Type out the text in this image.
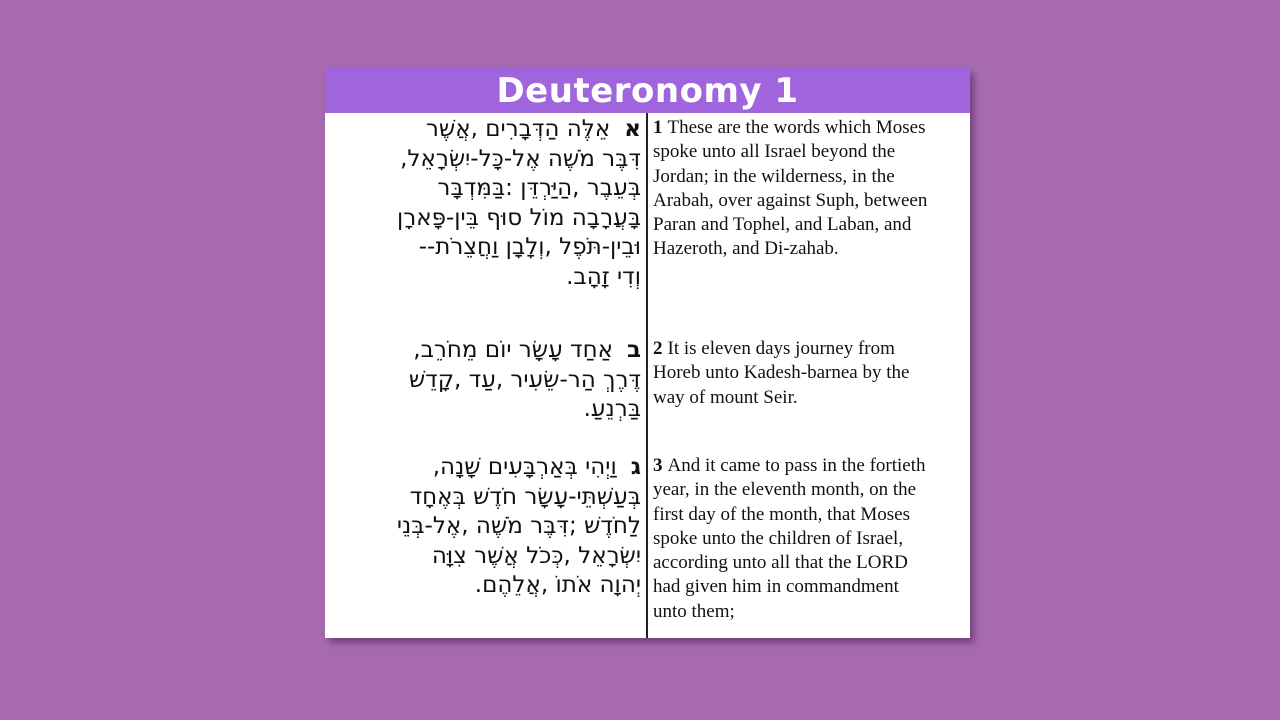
Deuteronomy 1
אאֵלֶּה הַדְּבָרִים ,אֲשֶׁר
דִּבֶּר מֹשֶׁה אֶל-כָּל-יִשְׂרָאֵל,
בְּעֵבֶר ,הַיַּרְדֵּן :בַּמִּדְבָּר
בָּעֲרָבָה מוֹל סוּף בֵּין-פָּארָן
וּבֵין-תֹּפֶל ,וְלָבָן וַחֲצֵרֹת--
וְדִי זָהָב.
1 These are the words which Moses
spoke unto all Israel beyond the
Jordan; in the wilderness, in the
Arabah, over against Suph, between
Paran and Tophel, and Laban, and
Hazeroth, and Di-zahab.
באַחַד עָשָׂר יוֹם מֵחֹרֵב,
דֶּרֶךְ הַר-שֵׂעִיר ,עַד ,קָדֵשׁ
בַּרְנֵעַ.
2 It is eleven days journey from
Horeb unto Kadesh-barnea by the
way of mount Seir.
גוַיְהִי בְּאַרְבָּעִים שָׁנָה,
בְּעַשְׁתֵּי-עָשָׂר חֹדֶשׁ בְּאֶחָד
לַחֹדֶשׁ ;דִּבֶּר מֹשֶׁה ,אֶל-בְּנֵי
יִשְׂרָאֵל ,כְּכֹל אֲשֶׁר צִוָּה
יְהוָה אֹתוֹ ,אֲלֵהֶם.
3 And it came to pass in the fortieth
year, in the eleventh month, on the
first day of the month, that Moses
spoke unto the children of Israel,
according unto all that the LORD
had given him in commandment
unto them;
